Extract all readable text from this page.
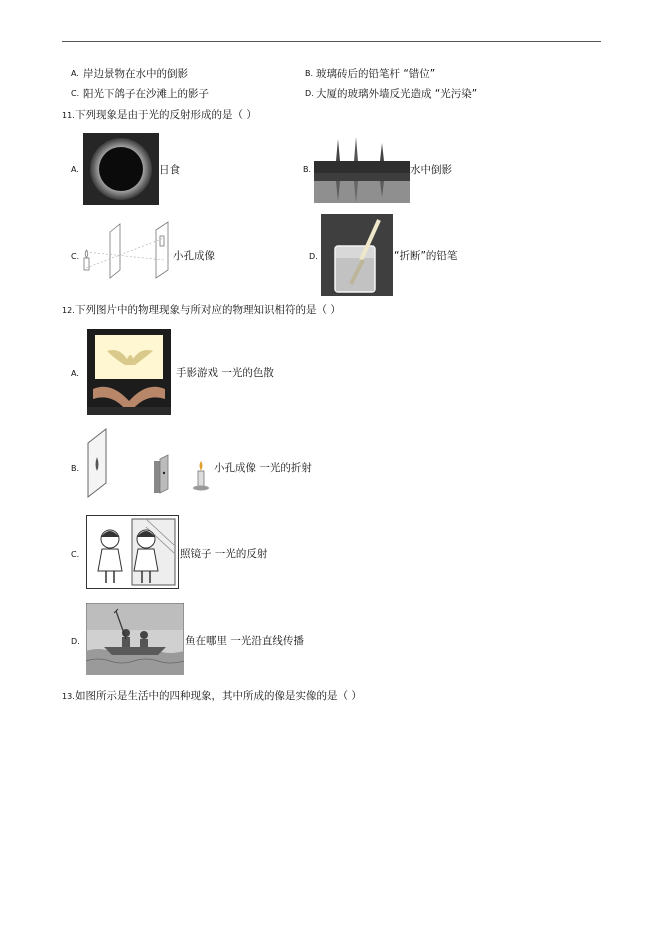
A. 岸边景物在水中的倒影	B. 玻璃砖后的铅笔杆 “错位”
C. 阳光下鸽子在沙滩上的影子	D. 大厦的玻璃外墙反光造成 “光污染”
11. 下列现象是由于光的反射形成的是（ ）
A.	日食	B.	水中倒影
C.	小孔成像	D.	“折断”的铅笔
12. 下列图片中的物理现象与所对应的物理知识相符的是（ ）
A.	手影游戏 一光的色散
B.	小孔成像 一光的折射
C.	照镜子 一光的反射
D.	鱼在哪里 一光沿直线传播
13. 如图所示是生活中的四种现象，其中所成的像是实像的是（ ）
